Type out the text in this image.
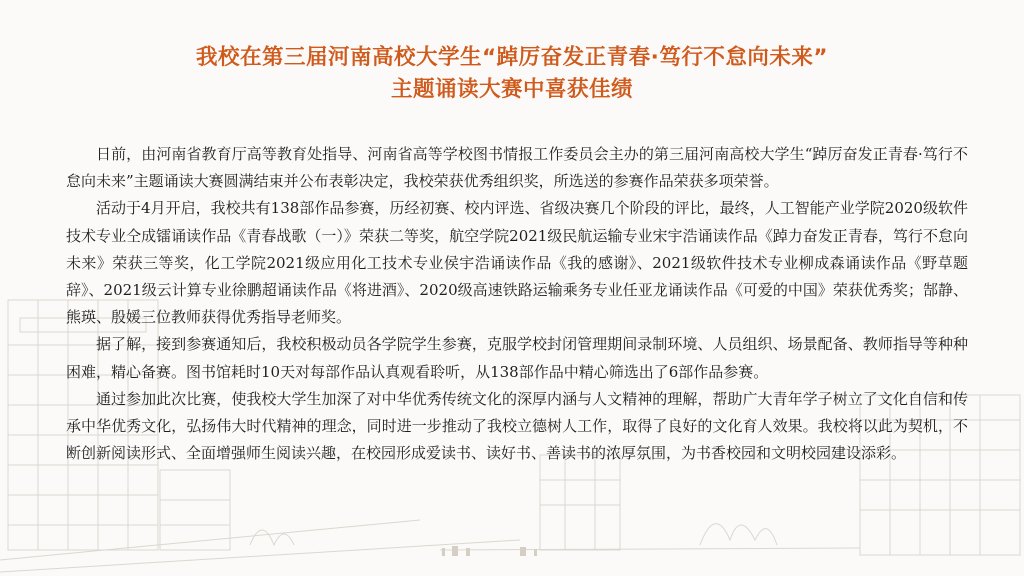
我校在第三届河南高校大学生“踔厉奋发正青春·笃行不怠向未来”
主题诵读大赛中喜获佳绩

日前，由河南省教育厅高等教育处指导、河南省高等学校图书情报工作委员会主办的第三届河南高校大学生“踔厉奋发正青春·笃行不怠向未来”主题诵读大赛圆满结束并公布表彰决定，我校荣获优秀组织奖，所选送的参赛作品荣获多项荣誉。

活动于4月开启，我校共有138部作品参赛，历经初赛、校内评选、省级决赛几个阶段的评比，最终，人工智能产业学院2020级软件技术专业仝成镭诵读作品《青春战歌（一）》荣获二等奖，航空学院2021级民航运输专业宋宇浩诵读作品《踔力奋发正青春，笃行不怠向未来》荣获三等奖，化工学院2021级应用化工技术专业侯宇浩诵读作品《我的感谢》、2021级软件技术专业柳成森诵读作品《野草题辞》、2021级云计算专业徐鹏超诵读作品《将进酒》、2020级高速铁路运输乘务专业任亚龙诵读作品《可爱的中国》荣获优秀奖；郜静、熊瑛、殷媛三位教师获得优秀指导老师奖。

据了解，接到参赛通知后，我校积极动员各学院学生参赛，克服学校封闭管理期间录制环境、人员组织、场景配备、教师指导等种种困难，精心备赛。图书馆耗时10天对每部作品认真观看聆听，从138部作品中精心筛选出了6部作品参赛。

通过参加此次比赛，使我校大学生加深了对中华优秀传统文化的深厚内涵与人文精神的理解，帮助广大青年学子树立了文化自信和传承中华优秀文化，弘扬伟大时代精神的理念，同时进一步推动了我校立德树人工作，取得了良好的文化育人效果。我校将以此为契机，不断创新阅读形式、全面增强师生阅读兴趣，在校园形成爱读书、读好书、善读书的浓厚氛围，为书香校园和文明校园建设添彩。
